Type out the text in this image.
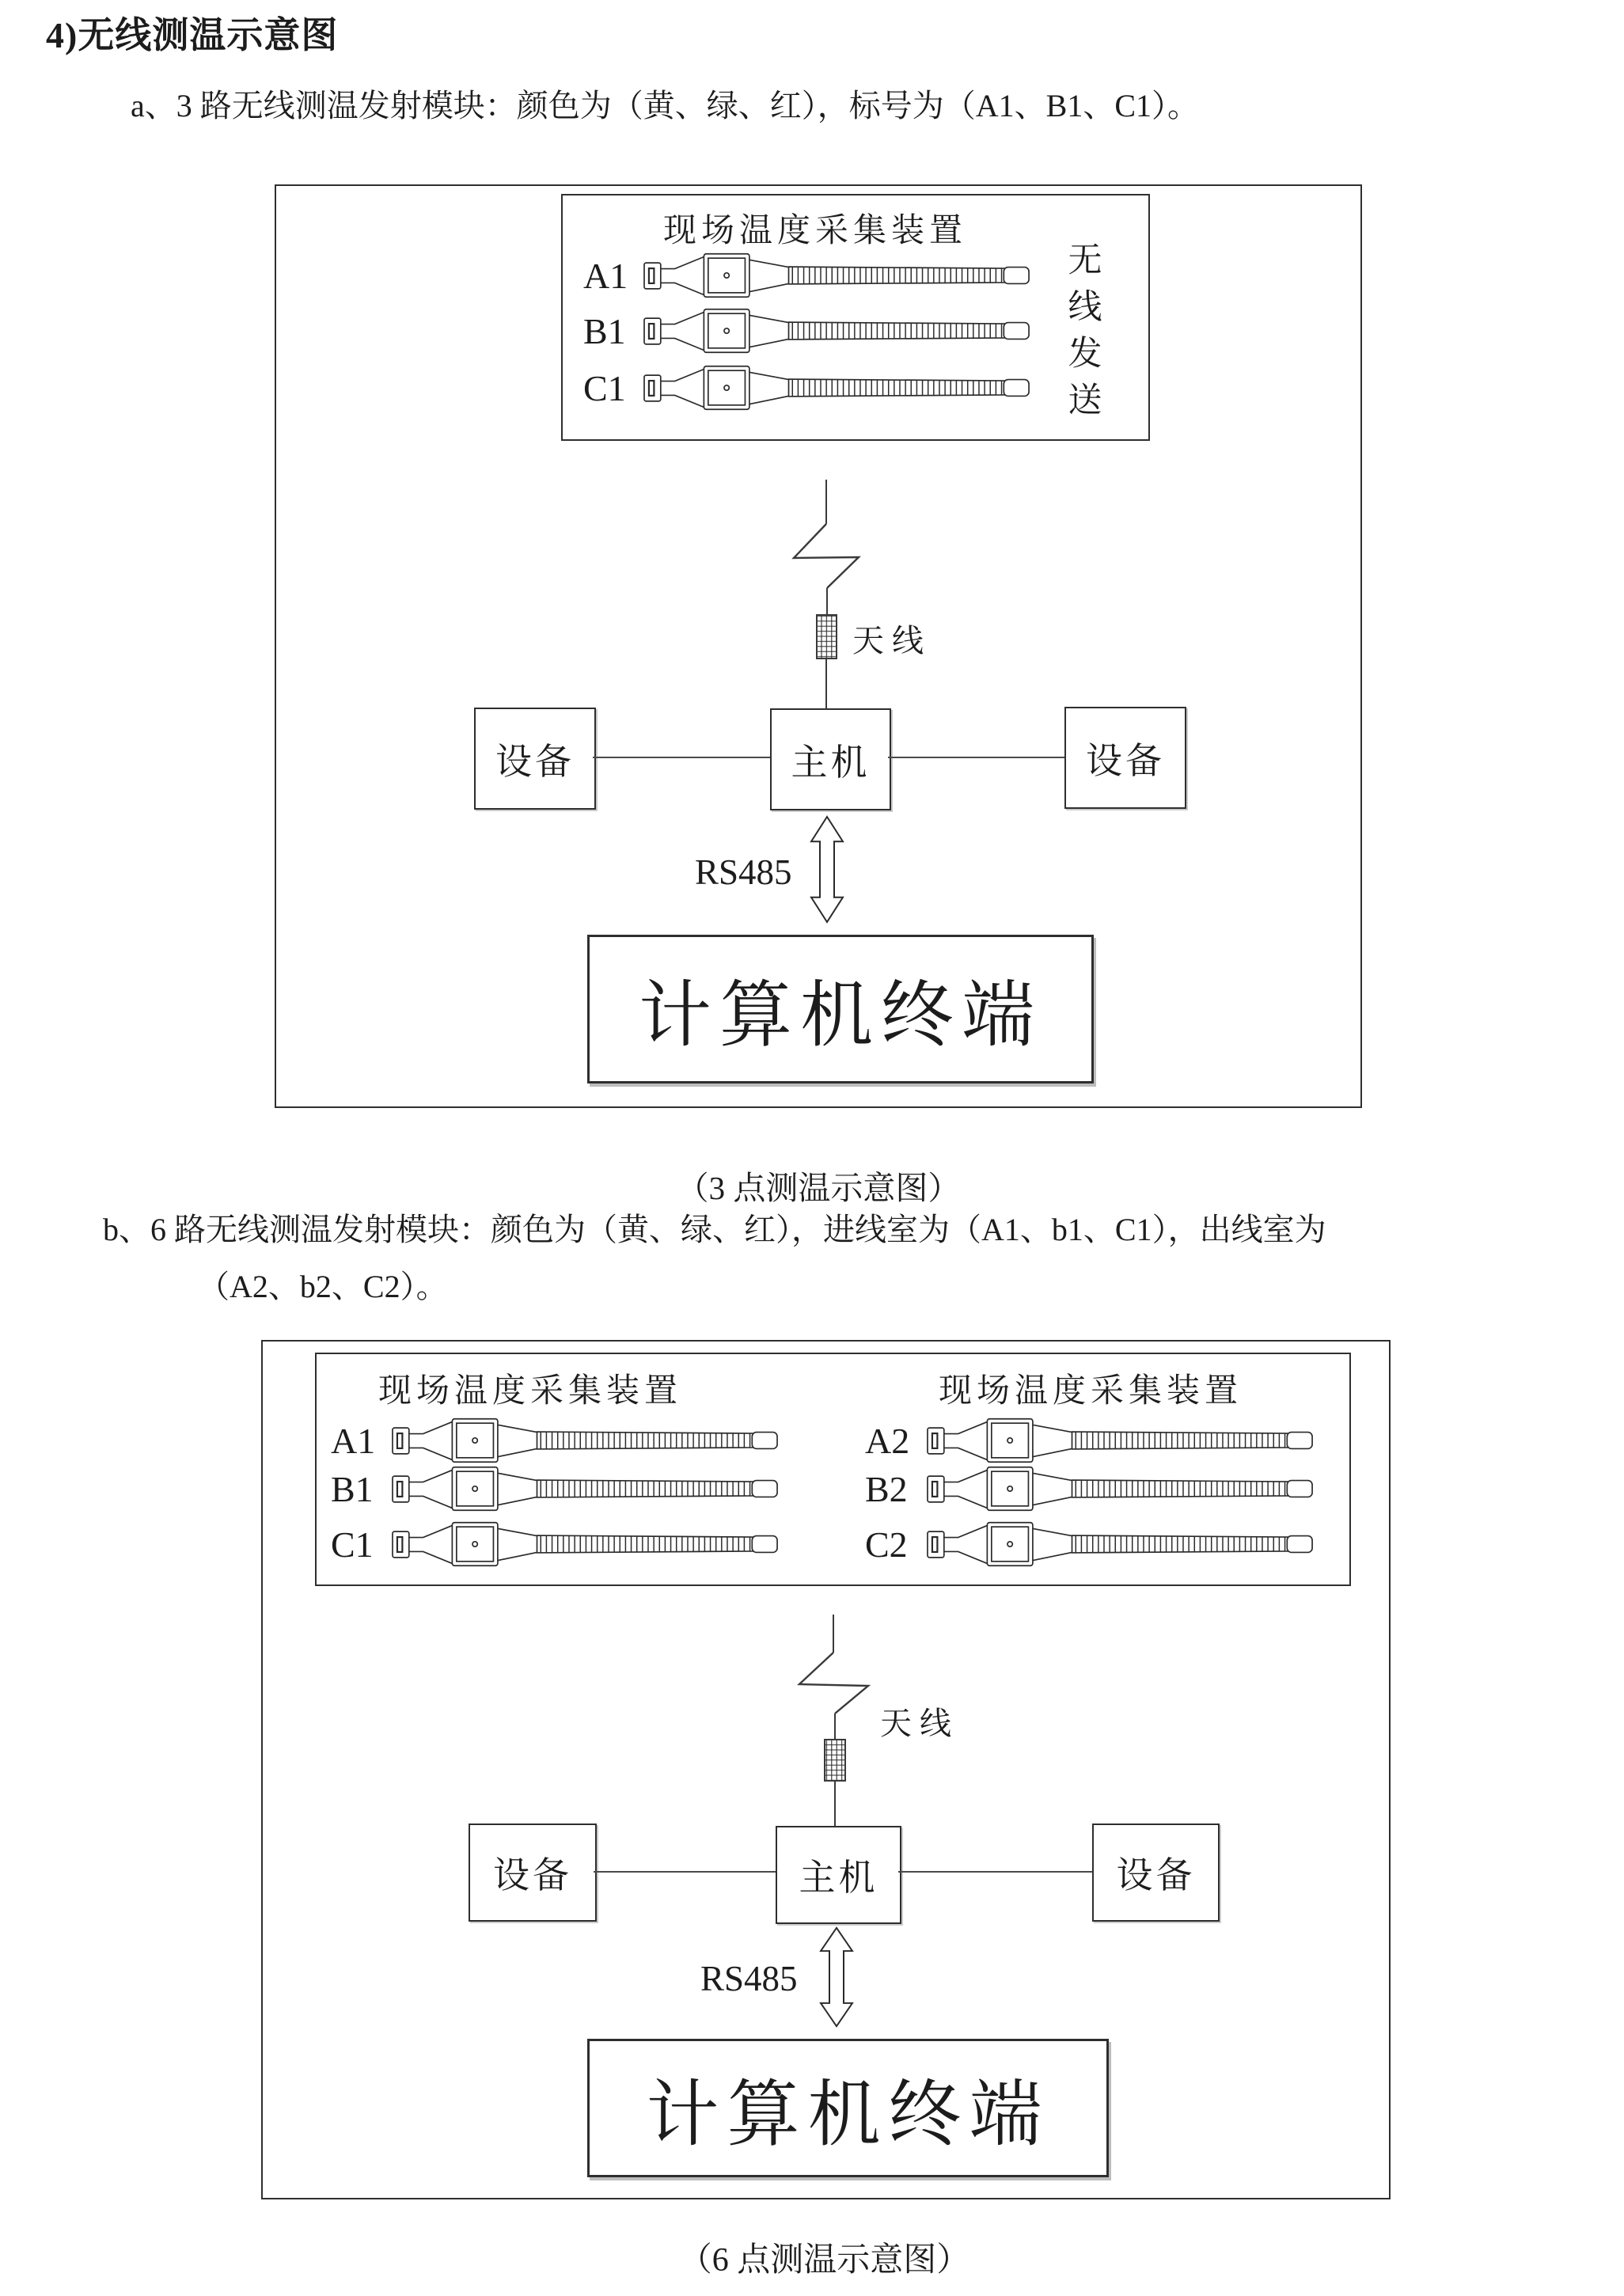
4)无线测温示意图
a、3 路无线测温发射模块：颜色为（黄、绿、红），标号为（A1、B1、C1）。
现场温度采集装置
A1
B1
C1
无
线
发
送
天线
设备	主机	设备
RS485
计算机终端
（3 点测温示意图）
b、6 路无线测温发射模块：颜色为（黄、绿、红），进线室为（A1、b1、C1），出线室为
（A2、b2、C2）。
现场温度采集装置	现场温度采集装置
A1
B1
C1
A2
B2
C2
天线
设备	主机	设备
RS485
计算机终端
（6 点测温示意图）
